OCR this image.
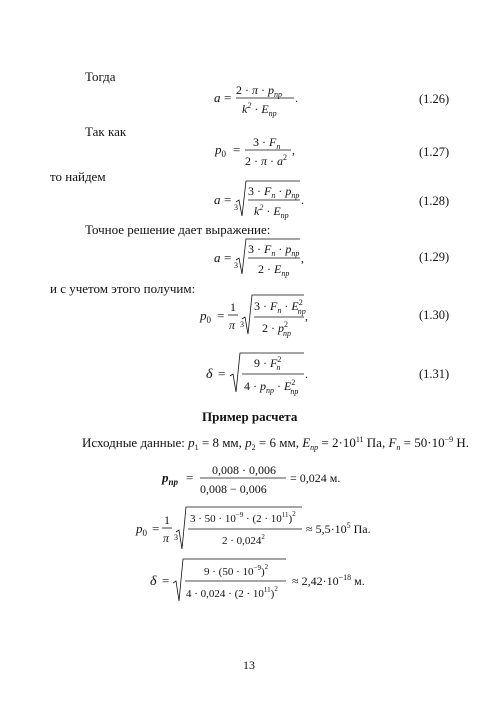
Тогда
Так как
то найдем
Точное решение дает выражение:
и с учетом этого получим:
(1.26)
(1.27)
(1.28)
(1.29)
(1.30)
(1.31)
Пример расчета
$a = 2 \cdot \pi \cdot p_{пр}$
$k^2 \cdot E_{пр}$
.
$p_0 = 3 \cdot F_n$
$2 \cdot \pi \cdot a^2$
,
a =
3
$3 \cdot F_n \cdot p_{пр}$
$k^2 \cdot E_{пр}$
.
a =
3
$3 \cdot F_n \cdot p_{пр}$
$2 \cdot E_{пр}$
,
$p_0$ =
1
π 3
$3 \cdot F_n \cdot E^2$ пр
$2 \cdot p^2$ пр
,
δ =
$9 \cdot F^2$ n
$4 \cdot p_{пр} \cdot E^2$ пр
.
Исходные данные: $p_1 = 8$ мм, $p_2 = 6$ мм, $E_{пр} = 2\cdot 10^{11}$ Па, $F_n = 50\cdot 10^{-9}$ Н.
$p_{пр} = 0,008 \cdot 0,006$
0,008 − 0,006
= 0,024 м.
$p_0$ =
1
π 3
$3 \cdot 50 \cdot 10^{-9} \cdot (2 \cdot 10^{11})^2$
$2 \cdot 0,024^2$
≈ $5,5\cdot 10^5$ Па.
δ =
$9 \cdot (50 \cdot 10^{-9})^2$
$4 \cdot 0,024 \cdot (2 \cdot 10^{11})^2$
≈ $2,42\cdot 10^{-18}$ м.
13
